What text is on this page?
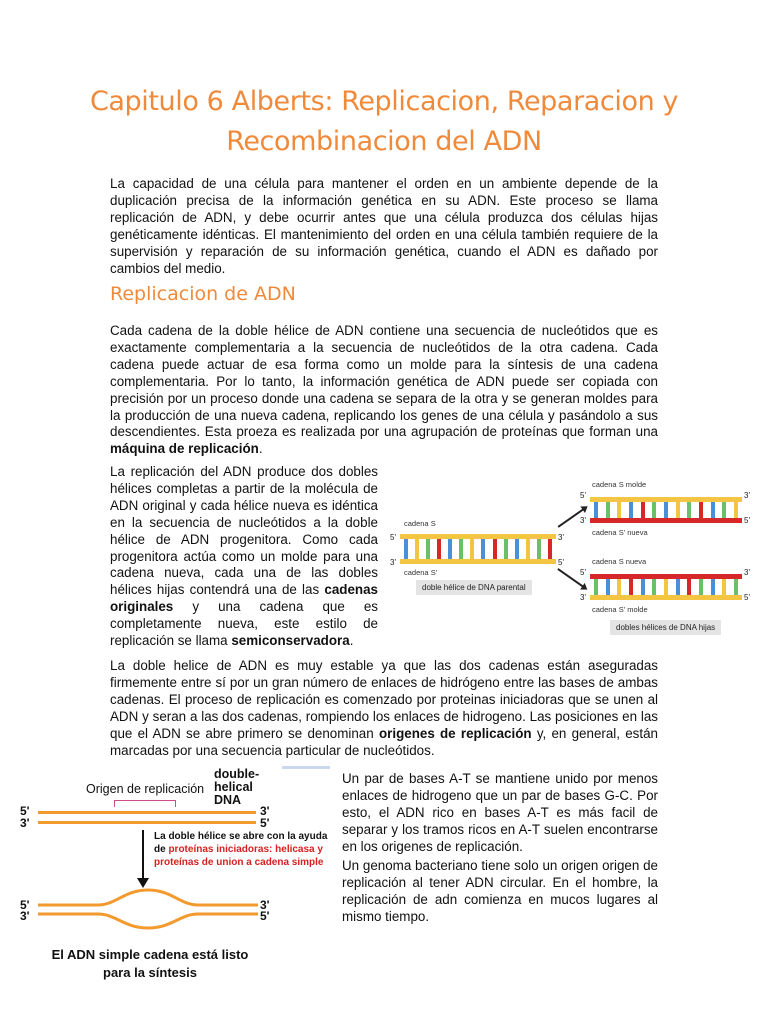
Capitulo 6 Alberts: Replicacion, Reparacion y Recombinacion del ADN

La capacidad de una célula para mantener el orden en un ambiente depende de la duplicación precisa de la información genética en su ADN. Este proceso se llama replicación de ADN, y debe ocurrir antes que una célula produzca dos células hijas genéticamente idénticas. El mantenimiento del orden en una célula también requiere de la supervisión y reparación de su información genética, cuando el ADN es dañado por cambios del medio.

Replicacion de ADN

Cada cadena de la doble hélice de ADN contiene una secuencia de nucleótidos que es exactamente complementaria a la secuencia de nucleótidos de la otra cadena. Cada cadena puede actuar de esa forma como un molde para la síntesis de una cadena complementaria. Por lo tanto, la información genética de ADN puede ser copiada con precisión por un proceso donde una cadena se separa de la otra y se generan moldes para la producción de una nueva cadena, replicando los genes de una célula y pasándolo a sus descendientes. Esta proeza es realizada por una agrupación de proteínas que forman una máquina de replicación.

La replicación del ADN produce dos dobles hélices completas a partir de la molécula de ADN original y cada hélice nueva es idéntica en la secuencia de nucleótidos a la doble hélice de ADN progenitora. Como cada progenitora actúa como un molde para una cadena nueva, cada una de las dobles hélices hijas contendrá una de las cadenas originales y una cadena que es completamente nueva, este estilo de replicación se llama semiconservadora.

cadena S
5'	3'
3'	5'
cadena S'
doble hélice de DNA parental
cadena S molde
5'	3'
3'	5'
cadena S' nueva
cadena S nueva
5'	3'
3'	5'
cadena S' molde
dobles hélices de DNA hijas

La doble helice de ADN es muy estable ya que las dos cadenas están aseguradas firmemente entre sí por un gran número de enlaces de hidrógeno entre las bases de ambas cadenas. El proceso de replicación es comenzado por proteinas iniciadoras que se unen al ADN y seran a las dos cadenas, rompiendo los enlaces de hidrogeno. Las posiciones en las que el ADN se abre primero se denominan origenes de replicación y, en general, están marcadas por una secuencia particular de nucleótidos.

Origen de replicación
double-helical DNA
5'
3'
3'
5'
La doble hélice se abre con la ayuda
de proteínas iniciadoras: helicasa y
proteínas de union a cadena simple
5'
3'
3'
5'
El ADN simple cadena está listo para la síntesis

Un par de bases A-T se mantiene unido por menos enlaces de hidrogeno que un par de bases G-C. Por esto, el ADN rico en bases A-T es más facil de separar y los tramos ricos en A-T suelen encontrarse en los origenes de replicación.

Un genoma bacteriano tiene solo un origen origen de replicación al tener ADN circular. En el hombre, la replicación de adn comienza en mucos lugares al mismo tiempo.
